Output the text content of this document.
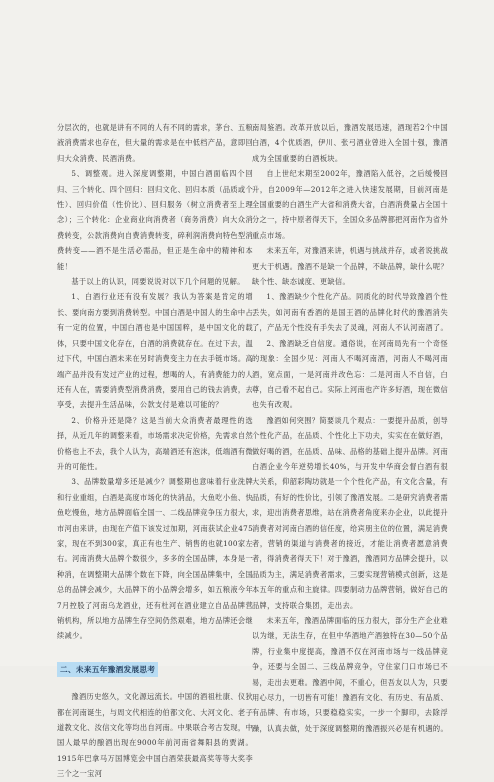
分层次的，也就是讲有不同的人有不同的需求，茅台、五粮液消费需求也存在，但大量的需求是在中低档产品，意即回归大众消费、民酒消费。

5、调整观。进入深度调整期，中国白酒面临四个回归、三个转化、四个回归：回归文化、回归本质（品质或个性）、回归价值（性价比）、回归服务（树立消费者至上理念）；三个转化：企业商业向消费者（商务消费）向大众消费转变，公款消费向自费消费转变，碎利润消费向特色型消费转变——酒不是生活必需品，但正是生命中的精神和本能！

基于以上的认识，同要说说对以下几个问题的见解。

1、白酒行业还有没有发展？我认为答案是肯定的增长、要向南方要到消费转型。中国白酒是中国人的生命中占有一定的位置，中国白酒也是中国国粹，是中国文化的载体，只要中国文化存在，白酒的消费就存在。在过下去，温过下代，中国白酒未来在另时消费变主力在去手链市场。高端产品并没有发过产业的过程，想喝的人，有消费能力的人还有人在，需要消费型消费消费，要用自己的钱去消费，去享受，去提升生活品味，公款支付是难以可能的？

2、价格升还是降？这是当前大众消费者最理性的选择，从近几年的调整来看，市场需求决定价格，先需求自然价格也上不去，我个人认为，高端酒还有泡沫，低端酒有微升的可能性。

3、品牌数量增多还是减少？调整期也意味着行业洗牌和行业重组，白酒是高度市场化的快消品，大鱼吃小鱼、快鱼吃慢鱼，地方品牌面临全国一、二线品牌竞争压力很大，市河由来讲，由现在产值下该发过加期，河南获试企业475家，现在不到300家，真正有也生产、销售的也就100家左右。河南消费大品牌个数很少，多多的全国品牌，本身是一种消，在调整期大品牌个数在下降，向全国品牌集中，全国总的品牌会减少，大品牌下的小品牌会增多，如五粮液今年7月控股了河南乌龙酒业，还有杜河在酒业建立自品品牌营销机构，所以地方品牌生存空间仍然艰难，地方品牌还会继续减少。

二、未来五年豫酒发展思考

豫酒历史悠久，文化源远流长。中国的酒祖杜康、仪狄都在河南诞生，与周文代相连的伯都文化、大河文化、老子道教文化、汝信文化等均出自河南。中果联合考古发现，中国人最早的酿酒出现在9000年前河南省舞阳县的贾湖。1915年巴拿马万国博览会中国白酒荣获最高奖等等大奖李三个之一宝河

南局鉴酒。改革开放以后，豫酒发展迅速，酒现若2个中国白酒，4个优质酒，伊川、张弓酒业曾进入全国十强，豫酒成为全国重要的白酒板块。

自上世纪末期至2002年，豫酒陷入低谷，之后缓慢回升，自2009年—2012年之进入快速发展期，目前河南是全国重要的白酒生产大省和消费大省，白酒消费量占全国十分之一，持中原者得天下，全国众多品牌都把河南作为省外重点市场。

未来五年，对豫酒来讲，机遇与挑战并存，或者说挑战更大于机遇。豫酒不是缺一个品牌，不缺品牌，缺什么呢？缺个性、缺态诚度、更缺信。

1、豫酒缺少个性化产品。同质化的时代导致豫酒个性丢失，如河南有香酒的是国王酒的品牌化时代的豫酒消失了，产品无个性没有手失去了灵魂，河南人不认河南酒了。

2、豫酒缺乏自信度。通俗说，在河南局先有一个奇怪的现象：全国少见：河南人不喝河南酒，河南人不喝河南酒，宽点面，一是河南并改色忘：二是河南人不自信，白尊，自己看不起自己。实际上河南也产许多好酒，现在微信也失有改观。

豫酒如何突围？简要谈几个观点：一要提升品质，创导个性化产品，在品质、个性化上下功夫，实实在在做好酒，做好喝的酒，在品质、品味、品格的基础上提升品牌。河南白酒企业今年逆势增长40%，与开发中华商会督白酒有很大关系，仰韶彩陶坊就是一个个性化产品，有文化含量，有品质，有好的性价比，引领了豫酒发展。二是研究消费者需求，迎出消费者思维，站在消费者角度来办企业，以此提升消费者对河南白酒的信任度，给宾朋主位的位置，满足消费者，营销的渠道与消费者的接近，才能让消费者愿意消费者，得消费者得天下！对于豫酒，豫酒同方品牌会提升，以品质为主，满足消费者需求，三要实现营销模式创新，这是本五年的重点和主旋律。四要制动力品牌营销，做好自己的品牌，支持联合集团，走出去。

未来五年，豫酒品牌面临的压力很大，部分生产企业难以为继，无法生存，在但中华酒地产酒独特在30—50个品牌，行业集中度提高，豫酒不仅在河南市场与一线品牌竞争，还要与全国二、三线品牌竞争，守住家门口市场已不易，走出去更难。豫酒中间，不重心，但吾友以人为，只要用心尽力，一切皆有可能！豫酒有文化、有历史、有品质、有品牌、有市场，只要稳稳实实，一步一个脚印，去除浮躁，认真去做，处于深度调整期的豫酒振兴必是有机遇的。
